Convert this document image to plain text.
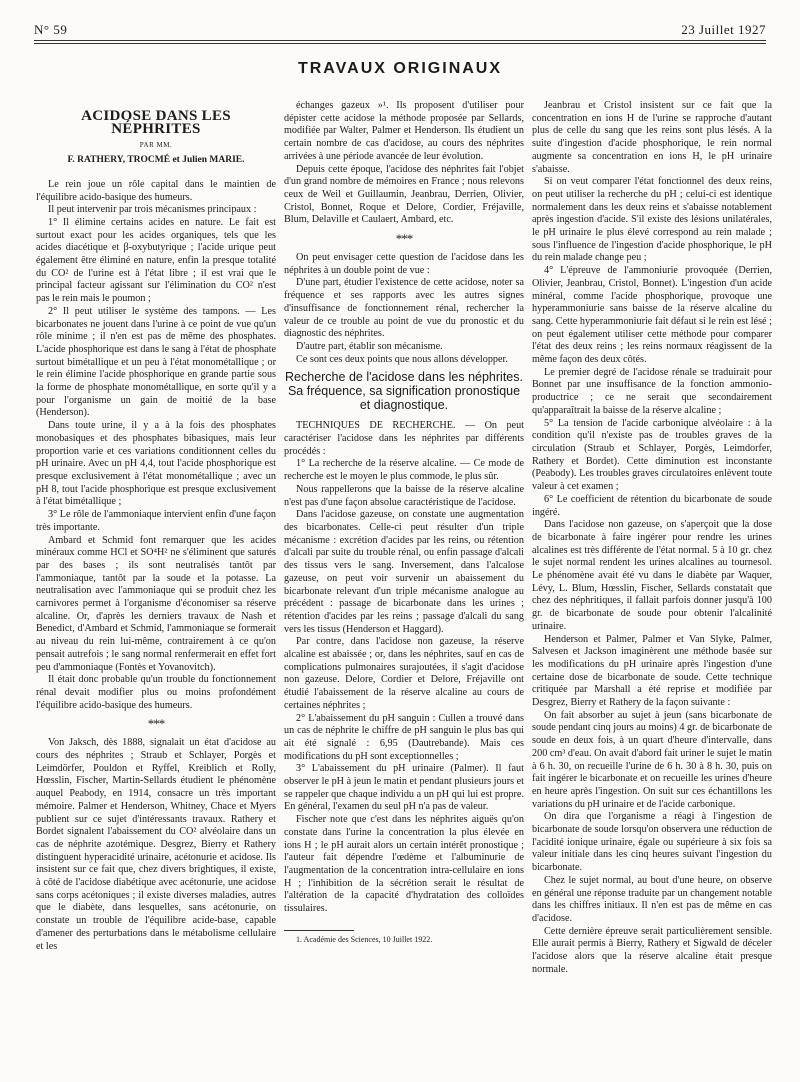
N° 59	23 Juillet 1927
TRAVAUX ORIGINAUX
ACIDOSE DANS LES NÉPHRITES
PAR MM.
F. RATHERY, TROCMÉ et Julien MARIE.

Le rein joue un rôle capital dans le maintien de l'équilibre acido-basique des humeurs.

Il peut intervenir par trois mécanismes principaux :

1° Il élimine certains acides en nature. Le fait est surtout exact pour les acides organiques, tels que les acides diacétique et β-oxybutyrique ; l'acide urique peut également être éliminé en nature, enfin la presque totalité du CO² de l'urine est à l'état libre ; il est vrai que le principal facteur agissant sur l'élimination du CO² n'est pas le rein mais le poumon ;

2° Il peut utiliser le système des tampons. — Les bicarbonates ne jouent dans l'urine à ce point de vue qu'un rôle minime ; il n'en est pas de même des phosphates. L'acide phosphorique est dans le sang à l'état de phosphate surtout bimétallique et un peu à l'état monométallique ; or le rein élimine l'acide phosphorique en grande partie sous la forme de phosphate monométallique, en sorte qu'il y a pour l'organisme un gain de moitié de la base (Henderson).

Dans toute urine, il y a à la fois des phosphates monobasiques et des phosphates bibasiques, mais leur proportion varie et ces variations conditionnent celles du pH urinaire. Avec un pH 4,4, tout l'acide phosphorique est presque exclusivement à l'état monométallique ; avec un pH 8, tout l'acide phosphorique est presque exclusivement à l'état bimétallique ;

3° Le rôle de l'ammoniaque intervient enfin d'une façon très importante.

Ambard et Schmid font remarquer que les acides minéraux comme HCl et SO⁴H² ne s'éliminent que saturés par des bases ; ils sont neutralisés tantôt par l'ammoniaque, tantôt par la soude et la potasse. La neutralisation avec l'ammoniaque qui se produit chez les carnivores permet à l'organisme d'économiser sa réserve alcaline. Or, d'après les derniers travaux de Nash et Benedict, d'Ambard et Schmid, l'ammoniaque se formerait au niveau du rein lui-même, contrairement à ce qu'on pensait autrefois ; le sang normal renfermerait en effet fort peu d'ammoniaque (Fontès et Yovanovitch).

Il était donc probable qu'un trouble du fonctionnement rénal devait modifier plus ou moins profondément l'équilibre acido-basique des humeurs.

***

Von Jaksch, dès 1888, signalait un état d'acidose au cours des néphrites ; Straub et Schlayer, Porgès et Leimdörfer, Pouldon et Ryffel, Kreiblich et Rolly, Hœsslin, Fischer, Martin-Sellards étudient le phénomène auquel Peabody, en 1914, consacre un très important mémoire. Palmer et Henderson, Whitney, Chace et Myers publient sur ce sujet d'intéressants travaux. Rathery et Bordet signalent l'abaissement du CO² alvéolaire dans un cas de néphrite azotémique. Desgrez, Bierry et Rathery distinguent hyperacidité urinaire, acétonurie et acidose. Ils insistent sur ce fait que, chez divers brightiques, il existe, à côté de l'acidose diabétique avec acétonurie, une acidose sans corps acétoniques ; il existe diverses maladies, autres que le diabète, dans lesquelles, sans acétonurie, on constate un trouble de l'équilibre acide-base, capable d'amener des perturbations dans le métabolisme cellulaire et les

échanges gazeux »¹. Ils proposent d'utiliser pour dépister cette acidose la méthode proposée par Sellards, modifiée par Walter, Palmer et Henderson. Ils étudient un certain nombre de cas d'acidose, au cours des néphrites arrivées à une période avancée de leur évolution.

Depuis cette époque, l'acidose des néphrites fait l'objet d'un grand nombre de mémoires en France ; nous relevons ceux de Weil et Guillaumin, Jeanbrau, Derrien, Olivier, Cristol, Bonnet, Roque et Delore, Cordier, Fréjaville, Blum, Delaville et Caulaert, Ambard, etc.

***

On peut envisager cette question de l'acidose dans les néphrites à un double point de vue :

D'une part, étudier l'existence de cette acidose, noter sa fréquence et ses rapports avec les autres signes d'insuffisance de fonctionnement rénal, rechercher la valeur de ce trouble au point de vue du pronostic et du diagnostic des néphrites.

D'autre part, établir son mécanisme.

Ce sont ces deux points que nous allons développer.

Recherche de l'acidose dans les néphrites. Sa fréquence, sa signification pronostique et diagnostique.

TECHNIQUES DE RECHERCHE. — On peut caractériser l'acidose dans les néphrites par différents procédés :

1° La recherche de la réserve alcaline. — Ce mode de recherche est le moyen le plus commode, le plus sûr.

Nous rappellerons que la baisse de la réserve alcaline n'est pas d'une façon absolue caractéristique de l'acidose.

Dans l'acidose gazeuse, on constate une augmentation des bicarbonates. Celle-ci peut résulter d'un triple mécanisme : excrétion d'acides par les reins, ou rétention d'alcali par suite du trouble rénal, ou enfin passage d'alcali des tissus vers le sang. Inversement, dans l'alcalose gazeuse, on peut voir survenir un abaissement du bicarbonate relevant d'un triple mécanisme analogue au précédent : passage de bicarbonate dans les urines ; rétention d'acides par les reins ; passage d'alcali du sang vers les tissus (Henderson et Haggard).

Par contre, dans l'acidose non gazeuse, la réserve alcaline est abaissée ; or, dans les néphrites, sauf en cas de complications pulmonaires surajoutées, il s'agit d'acidose non gazeuse. Delore, Cordier et Delore, Fréjaville ont étudié l'abaissement de la réserve alcaline au cours de certaines néphrites ;

2° L'abaissement du pH sanguin : Cullen a trouvé dans un cas de néphrite le chiffre de pH sanguin le plus bas qui ait été signalé : 6,95 (Dautrebande). Mais ces modifications du pH sont exceptionnelles ;

3° L'abaissement du pH urinaire (Palmer). Il faut observer le pH à jeun le matin et pendant plusieurs jours et se rappeler que chaque individu a un pH qui lui est propre. En général, l'examen du seul pH n'a pas de valeur.

Fischer note que c'est dans les néphrites aiguës qu'on constate dans l'urine la concentration la plus élevée en ions H ; le pH aurait alors un certain intérêt pronostique ; l'auteur fait dépendre l'œdème et l'albuminurie de l'augmentation de la concentration intra-cellulaire en ions H ; l'inhibition de la sécrétion serait le résultat de l'altération de la capacité d'hydratation des colloïdes tissulaires.

1. Académie des Sciences, 10 Juillet 1922.

Jeanbrau et Cristol insistent sur ce fait que la concentration en ions H de l'urine se rapproche d'autant plus de celle du sang que les reins sont plus lésés. A la suite d'ingestion d'acide phosphorique, le rein normal augmente sa concentration en ions H, le pH urinaire s'abaisse.

Si on veut comparer l'état fonctionnel des deux reins, on peut utiliser la recherche du pH ; celui-ci est identique normalement dans les deux reins et s'abaisse notablement après ingestion d'acide. S'il existe des lésions unilatérales, le pH urinaire le plus élevé correspond au rein malade ; sous l'influence de l'ingestion d'acide phosphorique, le pH du rein malade change peu ;

4° L'épreuve de l'ammoniurie provoquée (Derrien, Olivier, Jeanbrau, Cristol, Bonnet). L'ingestion d'un acide minéral, comme l'acide phosphorique, provoque une hyperammoniurie sans baisse de la réserve alcaline du sang. Cette hyperammoniurie fait défaut si le rein est lésé ; on peut également utiliser cette méthode pour comparer l'état des deux reins ; les reins normaux réagissent de la même façon des deux côtés.

Le premier degré de l'acidose rénale se traduirait pour Bonnet par une insuffisance de la fonction ammonio-productrice ; ce ne serait que secondairement qu'apparaîtrait la baisse de la réserve alcaline ;

5° La tension de l'acide carbonique alvéolaire : à la condition qu'il n'existe pas de troubles graves de la circulation (Straub et Schlayer, Porgès, Leimdorfer, Rathery et Bordet). Cette diminution est inconstante (Peabody). Les troubles graves circulatoires enlèvent toute valeur à cet examen ;

6° Le coefficient de rétention du bicarbonate de soude ingéré.

Dans l'acidose non gazeuse, on s'aperçoit que la dose de bicarbonate à faire ingérer pour rendre les urines alcalines est très différente de l'état normal. 5 à 10 gr. chez le sujet normal rendent les urines alcalines au tournesol. Le phénomène avait été vu dans le diabète par Waquer, Lévy, L. Blum, Hœsslin, Fischer, Sellards constatait que chez des néphritiques, il fallait parfois donner jusqu'à 100 gr. de bicarbonate de soude pour obtenir l'alcalinité urinaire.

Henderson et Palmer, Palmer et Van Slyke, Palmer, Salvesen et Jackson imaginèrent une méthode basée sur les modifications du pH urinaire après l'ingestion d'une certaine dose de bicarbonate de soude. Cette technique critiquée par Marshall a été reprise et modifiée par Desgrez, Bierry et Rathery de la façon suivante :

On fait absorber au sujet à jeun (sans bicarbonate de soude pendant cinq jours au moins) 4 gr. de bicarbonate de soude en deux fois, à un quart d'heure d'intervalle, dans 200 cm³ d'eau. On avait d'abord fait uriner le sujet le matin à 6 h. 30, on recueille l'urine de 6 h. 30 à 8 h. 30, puis on fait ingérer le bicarbonate et on recueille les urines d'heure en heure après l'ingestion. On suit sur ces échantillons les variations du pH urinaire et de l'acide carbonique.

On dira que l'organisme a réagi à l'ingestion de bicarbonate de soude lorsqu'on observera une réduction de l'acidité ionique urinaire, égale ou supérieure à six fois sa valeur initiale dans les cinq heures suivant l'ingestion du bicarbonate.

Chez le sujet normal, au bout d'une heure, on observe en général une réponse traduite par un changement notable dans les chiffres initiaux. Il n'en est pas de même en cas d'acidose.

Cette dernière épreuve serait particulièrement sensible. Elle aurait permis à Bierry, Rathery et Sigwald de déceler l'acidose alors que la réserve alcaline était presque normale.
